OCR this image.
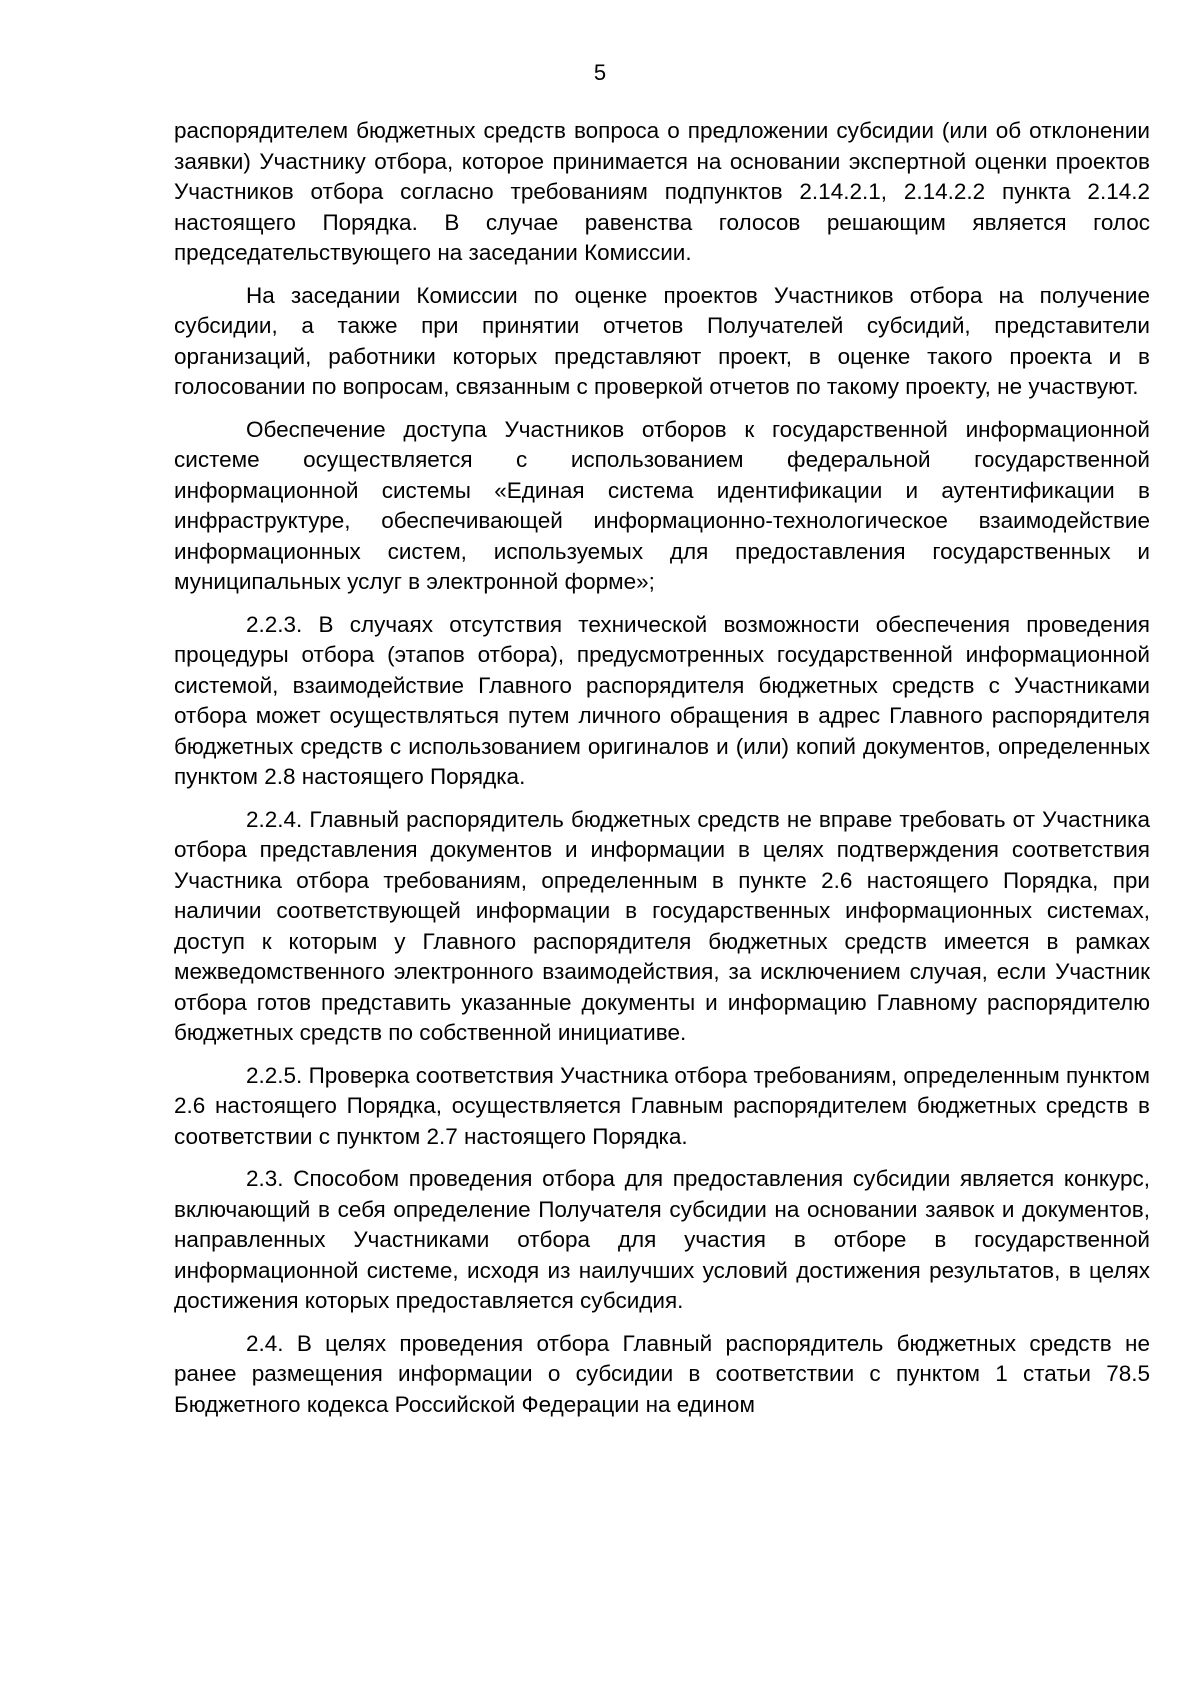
5

распорядителем бюджетных средств вопроса о предложении субсидии (или об отклонении заявки) Участнику отбора, которое принимается на основании экспертной оценки проектов Участников отбора согласно требованиям подпунктов 2.14.2.1, 2.14.2.2 пункта 2.14.2 настоящего Порядка. В случае равенства голосов решающим является голос председательствующего на заседании Комиссии.

На заседании Комиссии по оценке проектов Участников отбора на получение субсидии, а также при принятии отчетов Получателей субсидий, представители организаций, работники которых представляют проект, в оценке такого проекта и в голосовании по вопросам, связанным с проверкой отчетов по такому проекту, не участвуют.

Обеспечение доступа Участников отборов к государственной информационной системе осуществляется с использованием федеральной государственной информационной системы «Единая система идентификации и аутентификации в инфраструктуре, обеспечивающей информационно-технологическое взаимодействие информационных систем, используемых для предоставления государственных и муниципальных услуг в электронной форме»;

2.2.3. В случаях отсутствия технической возможности обеспечения проведения процедуры отбора (этапов отбора), предусмотренных государственной информационной системой, взаимодействие Главного распорядителя бюджетных средств с Участниками отбора может осуществляться путем личного обращения в адрес Главного распорядителя бюджетных средств с использованием оригиналов и (или) копий документов, определенных пунктом 2.8 настоящего Порядка.

2.2.4. Главный распорядитель бюджетных средств не вправе требовать от Участника отбора представления документов и информации в целях подтверждения соответствия Участника отбора требованиям, определенным в пункте 2.6 настоящего Порядка, при наличии соответствующей информации в государственных информационных системах, доступ к которым у Главного распорядителя бюджетных средств имеется в рамках межведомственного электронного взаимодействия, за исключением случая, если Участник отбора готов представить указанные документы и информацию Главному распорядителю бюджетных средств по собственной инициативе.

2.2.5. Проверка соответствия Участника отбора требованиям, определенным пунктом 2.6 настоящего Порядка, осуществляется Главным распорядителем бюджетных средств в соответствии с пунктом 2.7 настоящего Порядка.

2.3. Способом проведения отбора для предоставления субсидии является конкурс, включающий в себя определение Получателя субсидии на основании заявок и документов, направленных Участниками отбора для участия в отборе в государственной информационной системе, исходя из наилучших условий достижения результатов, в целях достижения которых предоставляется субсидия.

2.4. В целях проведения отбора Главный распорядитель бюджетных средств не ранее размещения информации о субсидии в соответствии с пунктом 1 статьи 78.5 Бюджетного кодекса Российской Федерации на едином
